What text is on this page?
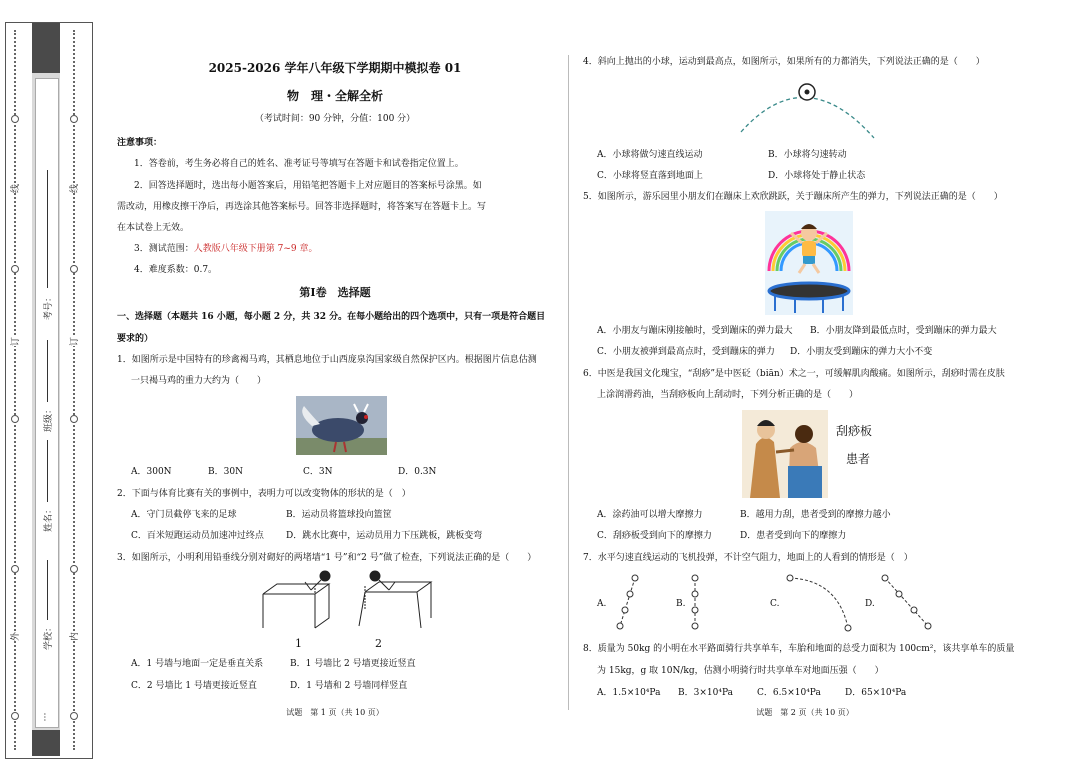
外
订
线
内
订
线
学校：
姓名：
班级：
考号：
…
2025-2026 学年八年级下学期期中模拟卷 01
物　理・全解全析
（考试时间：90 分钟，分值：100 分）
注意事项：
1．答卷前，考生务必将自己的姓名、准考证号等填写在答题卡和试卷指定位置上。
2．回答选择题时，选出每小题答案后，用铅笔把答题卡上对应题目的答案标号涂黑。如
需改动，用橡皮擦干净后，再选涂其他答案标号。回答非选择题时，将答案写在答题卡上。写
在本试卷上无效。
3．测试范围：人教版八年级下册第 7~9 章。
4．难度系数：0.7。
第Ⅰ卷　选择题
一、选择题（本题共 16 小题，每小题 2 分，共 32 分。在每小题给出的四个选项中，只有一项是符合题目
要求的）
1．如图所示是中国特有的珍禽褐马鸡，其栖息地位于山西庞泉沟国家级自然保护区内。根据图片信息估测
一只褐马鸡的重力大约为（　　）
A．300N	B．30N	C．3N	D．0.3N
2．下面与体育比赛有关的事例中，表明力可以改变物体的形状的是（　）
A．守门员截停飞来的足球	B．运动员将篮球投向篮筐
C．百米短跑运动员加速冲过终点 D．跳水比赛中，运动员用力下压跳板，跳板变弯
3．如图所示，小明利用铅垂线分别对砌好的两堵墙“1 号”和“2 号”做了检查，下列说法正确的是（　　）
1	2
A．1 号墙与地面一定是垂直关系	B．1 号墙比 2 号墙更接近竖直
C．2 号墙比 1 号墙更接近竖直	D．1 号墙和 2 号墙同样竖直
试题　第 1 页（共 10 页）
4．斜向上抛出的小球，运动到最高点，如图所示，如果所有的力都消失，下列说法正确的是（　　）
A．小球将做匀速直线运动	B．小球将匀速转动
C．小球将竖直落到地面上	D．小球将处于静止状态
5．如图所示，游乐园里小朋友们在蹦床上欢欣跳跃，关于蹦床所产生的弹力，下列说法正确的是（　　）
A．小朋友与蹦床刚接触时，受到蹦床的弹力最大 B．小朋友降到最低点时，受到蹦床的弹力最大
C．小朋友被弹到最高点时，受到蹦床的弹力 D．小朋友受到蹦床的弹力大小不变
6．中医是我国文化瑰宝，“刮痧”是中医砭（biān）术之一，可缓解肌肉酸痛。如图所示，刮痧时需在皮肤
上涂润滑药油，当刮痧板向上刮动时，下列分析正确的是（　　）
刮痧板
患者
A．涂药油可以增大摩擦力	B．越用力刮，患者受到的摩擦力越小
C．刮痧板受到向下的摩擦力	D．患者受到向下的摩擦力
7．水平匀速直线运动的飞机投弹，不计空气阻力，地面上的人看到的情形是（　）
A.	B.	C.	D.
8．质量为 50kg 的小明在水平路面骑行共享单车，车胎和地面的总受力面积为 100cm²，该共享单车的质量
为 15kg，g 取 10N/kg，估测小明骑行时共享单车对地面压强（　　）
A．1.5×10⁴Pa B．3×10⁴Pa	C．6.5×10⁴Pa	D．65×10⁴Pa
试题　第 2 页（共 10 页）
